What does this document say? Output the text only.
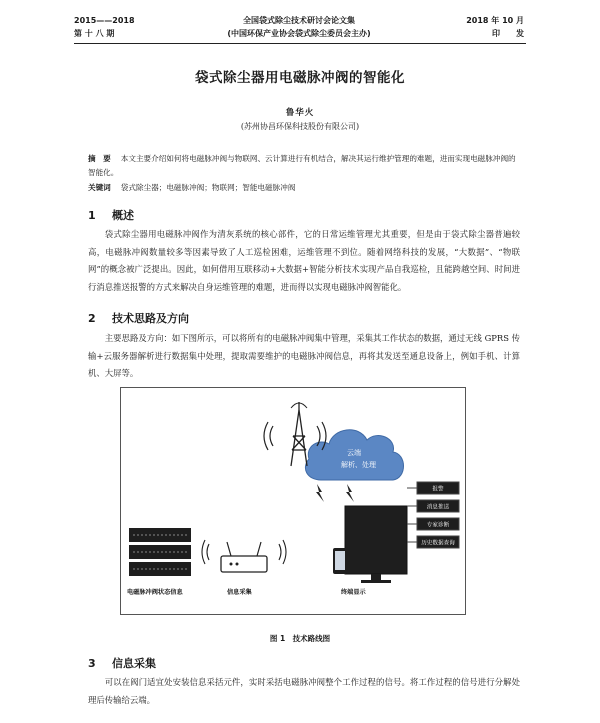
2015——2018
第 十 八 期
全国袋式除尘技术研讨会论文集
(中国环保产业协会袋式除尘委员会主办)
2018 年 10 月
印　　发
袋式除尘器用电磁脉冲阀的智能化
鲁华火
(苏州协昌环保科技股份有限公司)
摘　要 本文主要介绍如何将电磁脉冲阀与物联网、云计算进行有机结合，解决其运行维护管理的难题，进而实现电磁脉冲阀的智能化。
关键词 袋式除尘器；电磁脉冲阀；物联网；智能电磁脉冲阀
1 概述
袋式除尘器用电磁脉冲阀作为清灰系统的核心部件，它的日常运维管理尤其重要，但是由于袋式除尘器普遍较高，电磁脉冲阀数量较多等因素导致了人工巡检困难，运维管理不到位。随着网络科技的发展，“大数据”、“物联网”的概念被广泛提出。因此，如何借用互联移动+大数据+智能分析技术实现产品自我巡检，且能跨越空间、时间进行消息推送报警的方式来解决自身运维管理的难题，进而得以实现电磁脉冲阀智能化。
2 技术思路及方向
主要思路及方向：如下图所示，可以将所有的电磁脉冲阀集中管理，采集其工作状态的数据，通过无线 GPRS 传输+云服务器解析进行数据集中处理，提取需要维护的电磁脉冲阀信息，再将其发送至通息设备上，例如手机、计算机、大屏等。
云端
解析、处理
电磁脉冲阀状态信息	信息采集	终端显示
报警
消息推送
专家诊断
历史数据查询
图 1　技术路线图
3 信息采集
可以在阀门适宜处安装信息采括元件，实时采括电磁脉冲阀整个工作过程的信号。将工作过程的信号进行分解处理后传输给云端。
